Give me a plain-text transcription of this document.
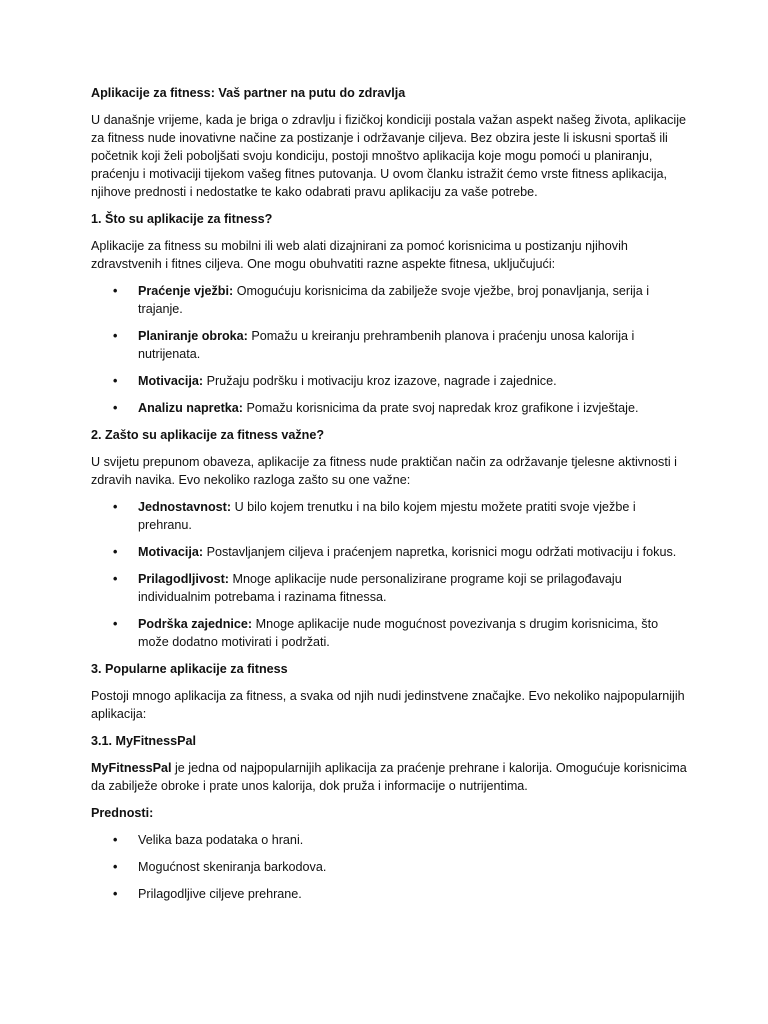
Aplikacije za fitness: Vaš partner na putu do zdravlja
U današnje vrijeme, kada je briga o zdravlju i fizičkoj kondiciji postala važan aspekt našeg života, aplikacije za fitness nude inovativne načine za postizanje i održavanje ciljeva. Bez obzira jeste li iskusni sportaš ili početnik koji želi poboljšati svoju kondiciju, postoji mnoštvo aplikacija koje mogu pomoći u planiranju, praćenju i motivaciji tijekom vašeg fitnes putovanja. U ovom članku istražit ćemo vrste fitness aplikacija, njihove prednosti i nedostatke te kako odabrati pravu aplikaciju za vaše potrebe.
1. Što su aplikacije za fitness?
Aplikacije za fitness su mobilni ili web alati dizajnirani za pomoć korisnicima u postizanju njihovih zdravstvenih i fitnes ciljeva. One mogu obuhvatiti razne aspekte fitnesa, uključujući:
• Praćenje vježbi: Omogućuju korisnicima da zabilježe svoje vježbe, broj ponavljanja, serija i trajanje.
• Planiranje obroka: Pomažu u kreiranju prehrambenih planova i praćenju unosa kalorija i nutrijenata.
• Motivacija: Pružaju podršku i motivaciju kroz izazove, nagrade i zajednice.
• Analizu napretka: Pomažu korisnicima da prate svoj napredak kroz grafikone i izvještaje.
2. Zašto su aplikacije za fitness važne?
U svijetu prepunom obaveza, aplikacije za fitness nude praktičan način za održavanje tjelesne aktivnosti i zdravih navika. Evo nekoliko razloga zašto su one važne:
• Jednostavnost: U bilo kojem trenutku i na bilo kojem mjestu možete pratiti svoje vježbe i prehranu.
• Motivacija: Postavljanjem ciljeva i praćenjem napretka, korisnici mogu održati motivaciju i fokus.
• Prilagodljivost: Mnoge aplikacije nude personalizirane programe koji se prilagođavaju individualnim potrebama i razinama fitnessa.
• Podrška zajednice: Mnoge aplikacije nude mogućnost povezivanja s drugim korisnicima, što može dodatno motivirati i podržati.
3. Popularne aplikacije za fitness
Postoji mnogo aplikacija za fitness, a svaka od njih nudi jedinstvene značajke. Evo nekoliko najpopularnijih aplikacija:
3.1. MyFitnessPal
MyFitnessPal je jedna od najpopularnijih aplikacija za praćenje prehrane i kalorija. Omogućuje korisnicima da zabilježe obroke i prate unos kalorija, dok pruža i informacije o nutrijentima.
Prednosti:
• Velika baza podataka o hrani.
• Mogućnost skeniranja barkodova.
• Prilagodljive ciljeve prehrane.
